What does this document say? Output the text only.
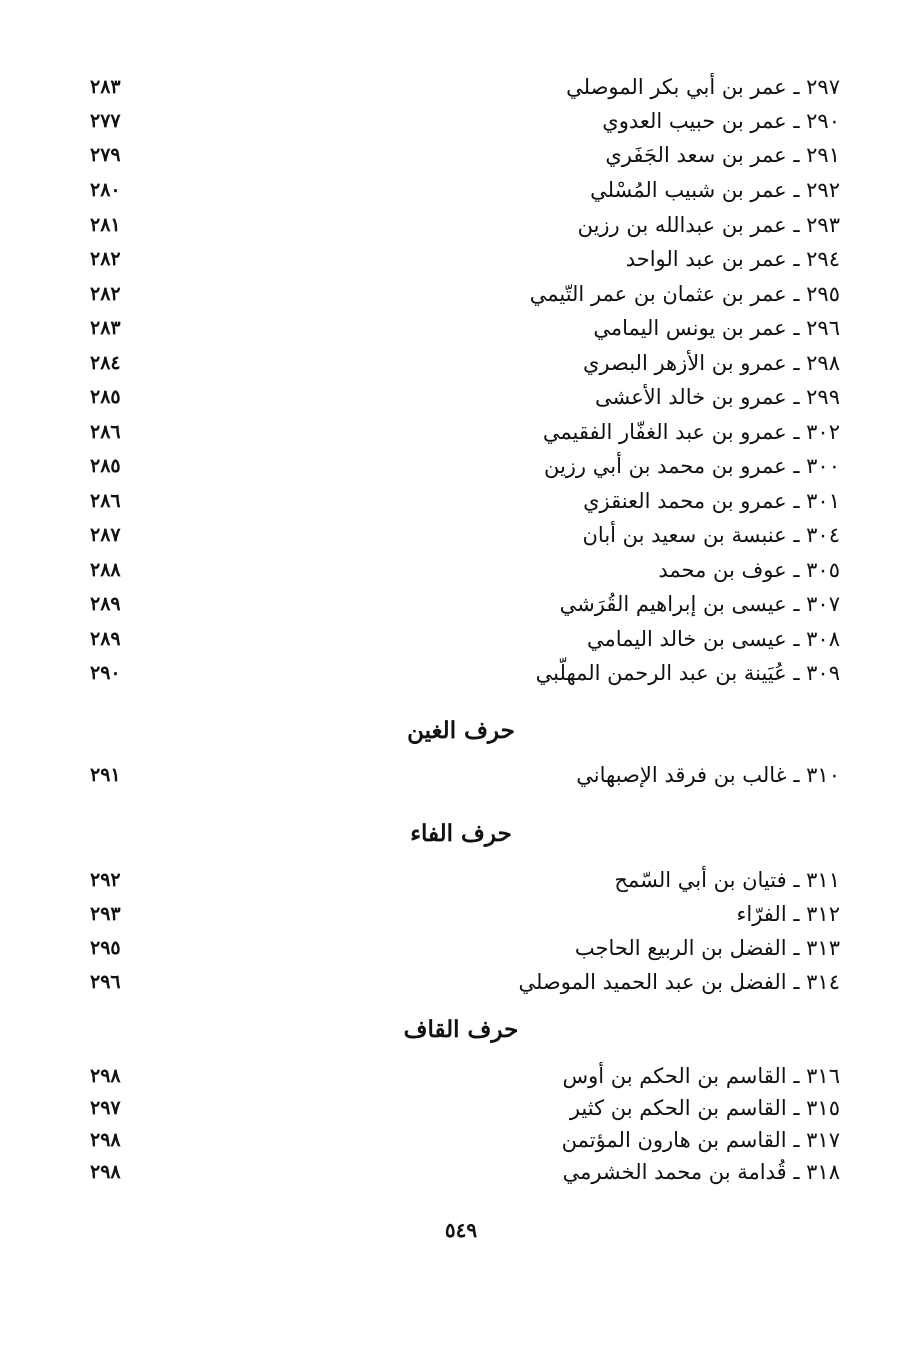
٢٩٧ ـ عمر بن أبي بكر الموصلي
٢٨٣
٢٩٠ ـ عمر بن حبيب العدوي
٢٧٧
٢٩١ ـ عمر بن سعد الجَفَري
٢٧٩
٢٩٢ ـ عمر بن شبيب المُسْلي
٢٨٠
٢٩٣ ـ عمر بن عبدالله بن رزين
٢٨١
٢٩٤ ـ عمر بن عبد الواحد
٢٨٢
٢٩٥ ـ عمر بن عثمان بن عمر التّيمي
٢٨٢
٢٩٦ ـ عمر بن يونس اليمامي
٢٨٣
٢٩٨ ـ عمرو بن الأزهر البصري
٢٨٤
٢٩٩ ـ عمرو بن خالد الأعشى
٢٨٥
٣٠٢ ـ عمرو بن عبد الغفّار الفقيمي
٢٨٦
٣٠٠ ـ عمرو بن محمد بن أبي رزين
٢٨٥
٣٠١ ـ عمرو بن محمد العنقزي
٢٨٦
٣٠٤ ـ عنبسة بن سعيد بن أبان
٢٨٧
٣٠٥ ـ عوف بن محمد
٢٨٨
٣٠٧ ـ عيسى بن إبراهيم القُرَشي
٢٨٩
٣٠٨ ـ عيسى بن خالد اليمامي
٢٨٩
٣٠٩ ـ عُيَينة بن عبد الرحمن المهلّبي
٢٩٠
حرف الغين
٣١٠ ـ غالب بن فرقد الإصبهاني
٢٩١
حرف الفاء
٣١١ ـ فتيان بن أبي السّمح
٢٩٢
٣١٢ ـ الفرّاء
٢٩٣
٣١٣ ـ الفضل بن الربيع الحاجب
٢٩٥
٣١٤ ـ الفضل بن عبد الحميد الموصلي
٢٩٦
حرف القاف
٣١٦ ـ القاسم بن الحكم بن أوس
٢٩٨
٣١٥ ـ القاسم بن الحكم بن كثير
٢٩٧
٣١٧ ـ القاسم بن هارون المؤتمن
٢٩٨
٣١٨ ـ قُدامة بن محمد الخشرمي
٢٩٨
٥٤٩
